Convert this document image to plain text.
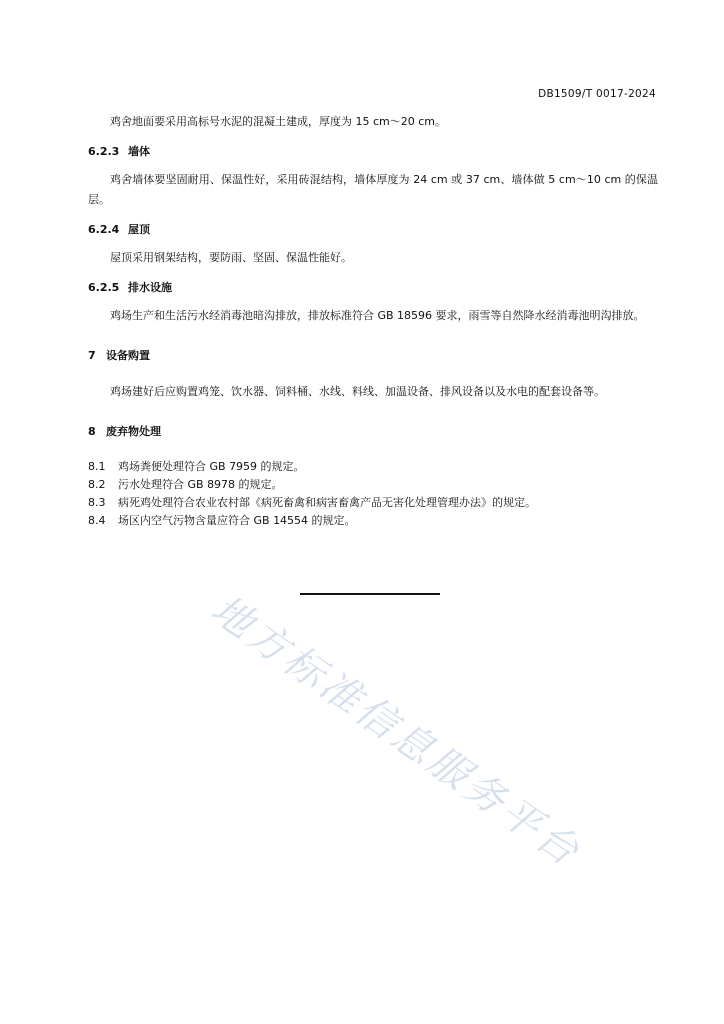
DB1509/T 0017-2024

鸡舍地面要采用高标号水泥的混凝土建成，厚度为 15 cm～20 cm。

6.2.3 墙体

鸡舍墙体要坚固耐用、保温性好，采用砖混结构，墙体厚度为 24 cm 或 37 cm、墙体做 5 cm～10 cm 的保温层。

6.2.4 屋顶

屋顶采用钢架结构，要防雨、坚固、保温性能好。

6.2.5 排水设施

鸡场生产和生活污水经消毒池暗沟排放，排放标准符合 GB 18596 要求，雨雪等自然降水经消毒池明沟排放。

7 设备购置

鸡场建好后应购置鸡笼、饮水器、饲料桶、水线、料线、加温设备、排风设备以及水电的配套设备等。

8 废弃物处理
8.1	鸡场粪便处理符合 GB 7959 的规定。
8.2	污水处理符合 GB 8978 的规定。
8.3	病死鸡处理符合农业农村部《病死畜禽和病害畜禽产品无害化处理管理办法》的规定。
8.4	场区内空气污物含量应符合 GB 14554 的规定。
地方标准信息服务平台
